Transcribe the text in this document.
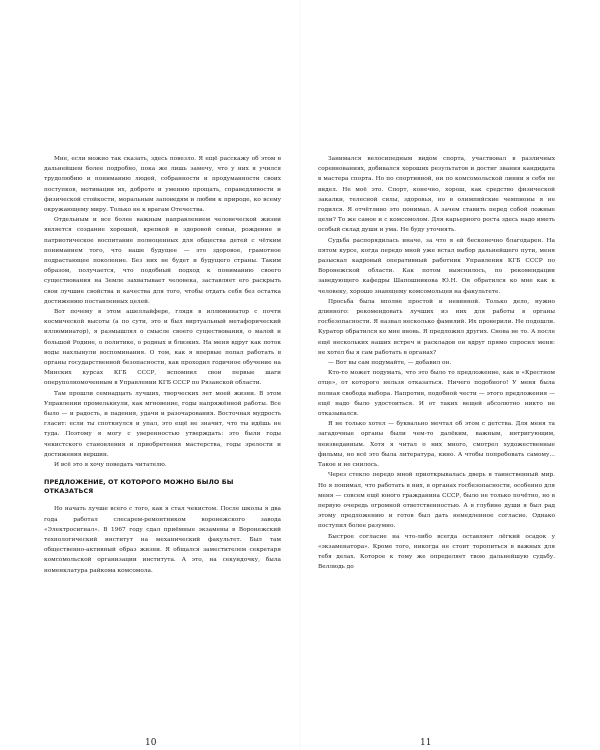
Мне, если можно так сказать, здесь повезло. Я ещё расскажу об этом в дальнейшем более подробно, пока же лишь замечу, что у них я учился трудолюбию и пониманию людей, собранности и продуманности своих поступков, мотивации их, доброте и умению прощать, справедливости и физической стойкости, моральным заповедям и любви к природе, ко всему окружающему миру. Только не к врагам Отечества.

Отдельным и все более важным направлением человеческой жизни является создание хорошей, крепкой и здоровой семьи, рождение и патриотическое воспитание полноценных для общества детей с чётким пониманием того, что наше будущее — это здоровое, грамотное подрастающее поколение. Без них не будет и будущего страны. Таким образом, получается, что подобный подход к пониманию своего существования на Земле захватывает человека, заставляет его раскрыть свои лучшие свойства и качества для того, чтобы отдать себя без остатка достижению поставленных целей.

Вот почему в этом ашеллайфере, глядя в иллюминатор с почти космической высоты (а по сути, это и был виртуальный метафорический иллюминатор), я размышлял о смысле своего существования, о малой и большой Родине, о политике, о родных и близких. На меня вдруг как поток воды нахлынули воспоминания. О том, как я впервые попал работать в органы государственной безопасности, как проходил годичное обучение на Минских курсах КГБ СССР, вспомнил свои первые шаги оперуполномоченным в Управлении КГБ СССР по Рязанской области.

Там прошли семнадцать лучших, творческих лет моей жизни. В этом Управлении промелькнули, как мгновение, годы напряжённой работы. Все было — и радость, и падения, удачи и разочарования. Восточная мудрость гласит: если ты споткнулся и упал, это ещё не значит, что ты идёшь не туда. Поэтому я могу с уверенностью утверждать: это были годы чекистского становления и приобретения мастерства, годы зрелости и достижения вершин.

И всё это я хочу поведать читателю.

ПРЕДЛОЖЕНИЕ, ОТ КОТОРОГО МОЖНО БЫЛО БЫ ОТКАЗАТЬСЯ

Но начать лучше всего с того, как я стал чекистом. После школы я два года работал слесарем-ремонтником воронежского завода «Электросигнал». В 1967 году сдал приёмные экзамены в Воронежский технологический институт на механический факультет. Был там общественно-активный образ жизни. Я общался заместителем секретаря комсомольской организации института. А это, на секундочку, была номенклатура райкома комсомола.

10

Занимался велосипедным видом спорта, участвовал в различных соревнованиях, добивался хороших результатов и достиг звания кандидата в мастера спорта. Но по спортивной, ни по комсомольской линии я себя не видел. Не моё это. Спорт, конечно, хорош, как средство физической закалки, телесной силы, здоровья, но в олимпийские чемпионы я не годился. Я отчётливо это понимал. А зачем ставить перед собой ложные цели? То же самое и с комсомолом. Для карьерного роста здесь надо иметь особый склад души и ума. Не буду уточнять.

Судьба распорядилась иначе, за что я ей бесконечно благодарен. На пятом курсе, когда передо мной уже встал выбор дальнейшего пути, меня разыскал кадровый оперативный работник Управления КГБ СССР по Воронежской области. Как потом выяснилось, по рекомендации заведующего кафедры Шапошникова Ю.Н. Он обратился ко мне как к человеку, хорошо знающему комсомольцев на факультете.

Просьба была вполне простой и невинной. Только дело, нужно длинного: рекомендовать лучших из них для работы в органы госбезопасности. Я назвал несколько фамилий. Их проверили. Не подошли. Куратор обратился ко мне вновь. Я предложил других. Снова не то. А после ещё нескольких наших встреч и раскладов он вдруг прямо спросил меня: не хотел бы я сам работать в органах?

— Вот вы сам подумайте, — добавил он.

Кто-то может подумать, что это было то предложение, как в «Крестном отце», от которого нельзя отказаться. Ничего подобного! У меня была полная свобода выбора. Напротив, подобной чести — этого предложения — ещё надо было удостоиться. И от таких вещей абсолютно никто не отказывался.

Я не только хотел — буквально мечтал об этом с детства. Для меня та загадочные органы были чем-то далёким, важным, интригующим, неизведанным. Хотя я читал о них много, смотрел художественные фильмы, но всё это была литература, кино. А чтобы попробовать самому... Такое и не снилось.

Через стекло передо мной приоткрывалась дверь в таинственный мир. Но я понимал, что работать в них, в органах госбезопасности, особенно для меня — совсем ещё юного гражданина СССР, было не только почётно, но в первую очередь огромной ответственностью. А в глубине души я был рад этому предложению и готов был дать немедленное согласие. Однако поступил более разумно.

Быстрое согласие на что-либо всегда оставляет лёгкий осадок у «экзаменатора». Кроме того, никогда не стоит торопиться в важных для тебя делах. Которое к тому же определяет твою дальнейшую судьбу. Веллюдь до

11
